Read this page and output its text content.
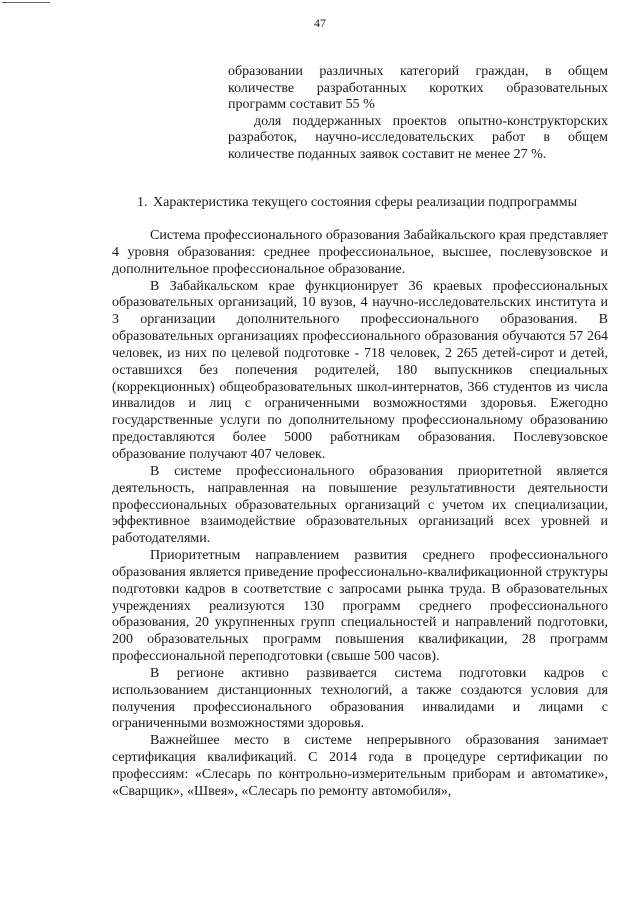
47

образовании различных категорий граждан, в общем количестве разработанных коротких образовательных программ составит 55 %

доля поддержанных проектов опытно-конструкторских разработок, научно-исследовательских работ в общем количестве поданных заявок составит не менее 27 %.

1. Характеристика текущего состояния сферы реализации подпрограммы

Система профессионального образования Забайкальского края представляет 4 уровня образования: среднее профессиональное, высшее, послевузовское и дополнительное профессиональное образование.

В Забайкальском крае функционирует 36 краевых профессиональных образовательных организаций, 10 вузов, 4 научно-исследовательских института и 3 организации дополнительного профессионального образования. В образовательных организациях профессионального образования обучаются 57 264 человек, из них по целевой подготовке - 718 человек, 2 265 детей-сирот и детей, оставшихся без попечения родителей, 180 выпускников специальных (коррекционных) общеобразовательных школ-интернатов, 366 студентов из числа инвалидов и лиц с ограниченными возможностями здоровья. Ежегодно государственные услуги по дополнительному профессиональному образованию предоставляются более 5000 работникам образования. Послевузовское образование получают 407 человек.

В системе профессионального образования приоритетной является деятельность, направленная на повышение результативности деятельности профессиональных образовательных организаций с учетом их специализации, эффективное взаимодействие образовательных организаций всех уровней и работодателями.

Приоритетным направлением развития среднего профессионального образования является приведение профессионально-квалификационной структуры подготовки кадров в соответствие с запросами рынка труда. В образовательных учреждениях реализуются 130 программ среднего профессионального образования, 20 укрупненных групп специальностей и направлений подготовки, 200 образовательных программ повышения квалификации, 28 программ профессиональной переподготовки (свыше 500 часов).

В регионе активно развивается система подготовки кадров с использованием дистанционных технологий, а также создаются условия для получения профессионального образования инвалидами и лицами с ограниченными возможностями здоровья.

Важнейшее место в системе непрерывного образования занимает сертификация квалификаций. С 2014 года в процедуре сертификации по профессиям: «Слесарь по контрольно-измерительным приборам и автоматике», «Сварщик», «Швея», «Слесарь по ремонту автомобиля»,
